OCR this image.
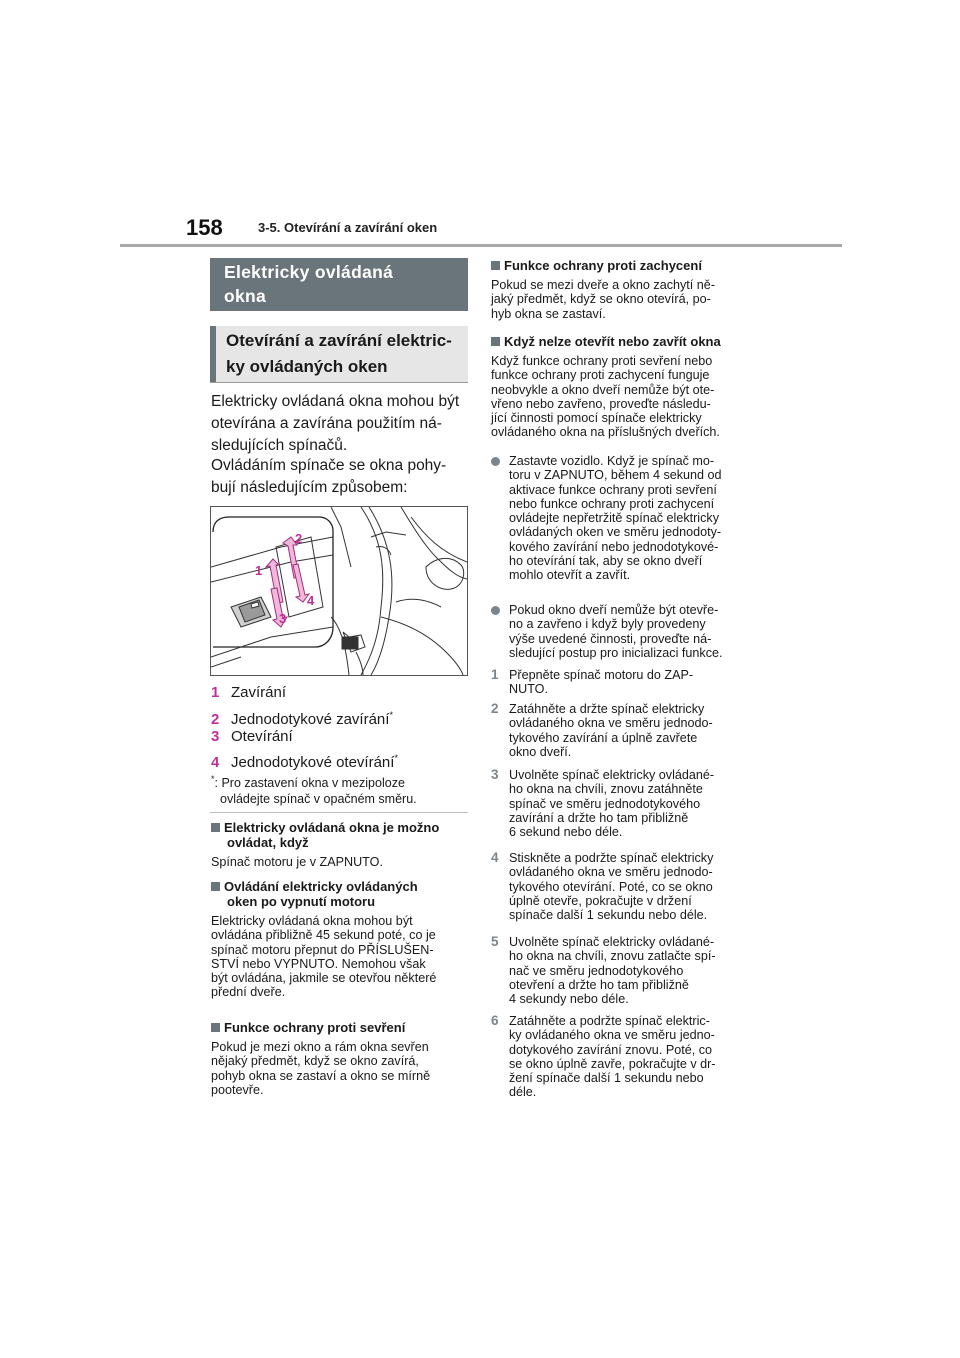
158	3-5. Otevírání a zavírání oken
Elektricky ovládaná
okna
Otevírání a zavírání elektric-
ky ovládaných oken
Elektricky ovládaná okna mohou být
otevírána a zavírána použitím ná-
sledujících spínačů.
Ovládáním spínače se okna pohy-
bují následujícím způsobem:
1
2
3
4
1 Zavírání
2 Jednodotykové zavírání*
3 Otevírání
4 Jednodotykové otevírání*
*: Pro zastavení okna v mezipoloze
ovládejte spínač v opačném směru.
Elektricky ovládaná okna je možno
ovládat, když
Spínač motoru je v ZAPNUTO.
Ovládání elektricky ovládaných
oken po vypnutí motoru
Elektricky ovládaná okna mohou být
ovládána přibližně 45 sekund poté, co je
spínač motoru přepnut do PŘÍSLUŠEN-
STVÍ nebo VYPNUTO. Nemohou však
být ovládána, jakmile se otevřou některé
přední dveře.
Funkce ochrany proti sevření
Pokud je mezi okno a rám okna sevřen
nějaký předmět, když se okno zavírá,
pohyb okna se zastaví a okno se mírně
pootevře.
Funkce ochrany proti zachycení
Pokud se mezi dveře a okno zachytí ně-
jaký předmět, když se okno otevírá, po-
hyb okna se zastaví.
Když nelze otevřít nebo zavřít okna
Když funkce ochrany proti sevření nebo
funkce ochrany proti zachycení funguje
neobvykle a okno dveří nemůže být ote-
vřeno nebo zavřeno, proveďte následu-
jící činnosti pomocí spínače elektricky
ovládaného okna na příslušných dveřích.
Zastavte vozidlo. Když je spínač mo-
toru v ZAPNUTO, během 4 sekund od
aktivace funkce ochrany proti sevření
nebo funkce ochrany proti zachycení
ovládejte nepřetržitě spínač elektricky
ovládaných oken ve směru jednodoty-
kového zavírání nebo jednodotykové-
ho otevírání tak, aby se okno dveří
mohlo otevřít a zavřít.
Pokud okno dveří nemůže být otevře-
no a zavřeno i když byly provedeny
výše uvedené činnosti, proveďte ná-
sledující postup pro inicializaci funkce.
1 Přepněte spínač motoru do ZAP-
NUTO.
2 Zatáhněte a držte spínač elektricky
ovládaného okna ve směru jednodo-
tykového zavírání a úplně zavřete
okno dveří.
3 Uvolněte spínač elektricky ovládané-
ho okna na chvíli, znovu zatáhněte
spínač ve směru jednodotykového
zavírání a držte ho tam přibližně
6 sekund nebo déle.
4 Stiskněte a podržte spínač elektricky
ovládaného okna ve směru jednodo-
tykového otevírání. Poté, co se okno
úplně otevře, pokračujte v držení
spínače další 1 sekundu nebo déle.
5 Uvolněte spínač elektricky ovládané-
ho okna na chvíli, znovu zatlačte spí-
nač ve směru jednodotykového
otevření a držte ho tam přibližně
4 sekundy nebo déle.
6 Zatáhněte a podržte spínač elektric-
ky ovládaného okna ve směru jedno-
dotykového zavírání znovu. Poté, co
se okno úplně zavře, pokračujte v dr-
žení spínače další 1 sekundu nebo
déle.
